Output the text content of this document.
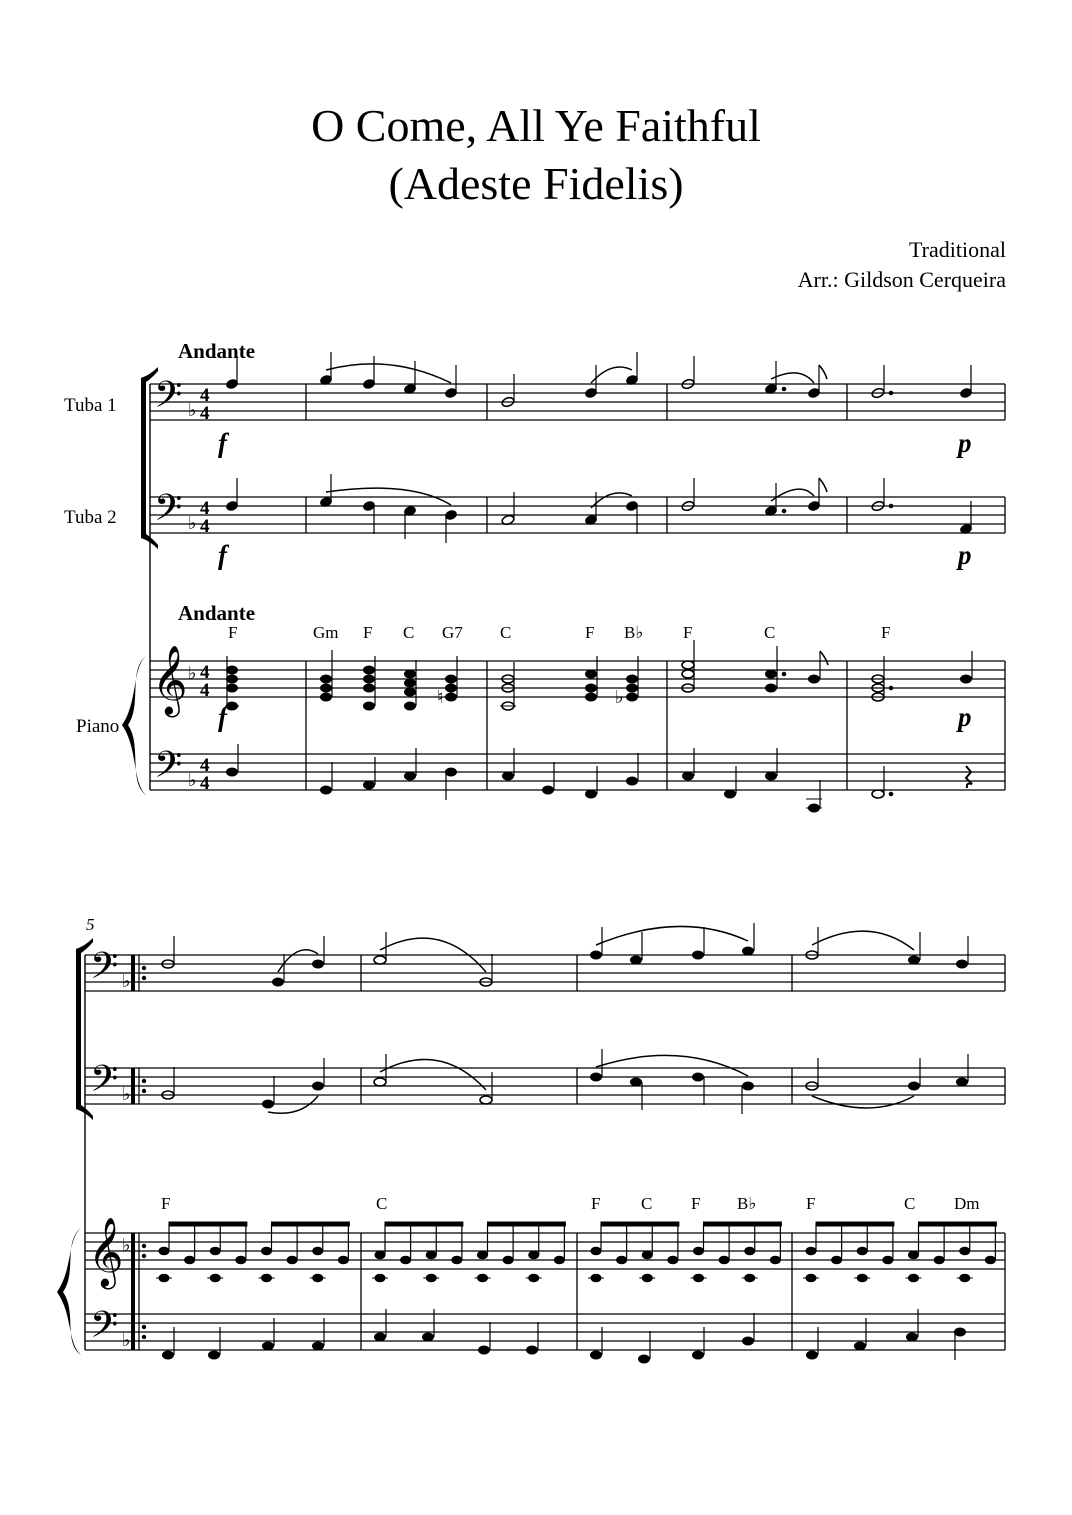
O Come, All Ye Faithful
(Adeste Fidelis)
Traditional
Arr.: Gildson Cerqueira
Andante
Andante
Tuba 1
Tuba 2
Piano
𝄢
𝄢
𝄢
𝄞
♭
♭
♭
♭
4
4
4
4
4
4
4
4
f
f
f
p
p
p
F	Gm F C G7 C	F B♭ F	C	F
♮	♭
5
𝄢
𝄢
𝄢
𝄞
♭
♭
♭
♭
F	C	F C F B♭	F	C Dm
